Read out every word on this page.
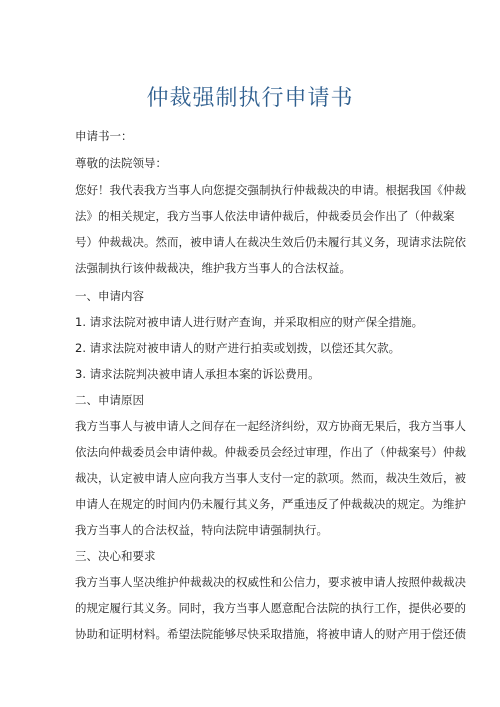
仲裁强制执行申请书
申请书一：
尊敬的法院领导：
您好！我代表我方当事人向您提交强制执行仲裁裁决的申请。根据我国《仲裁
法》的相关规定，我方当事人依法申请仲裁后，仲裁委员会作出了（仲裁案
号）仲裁裁决。然而，被申请人在裁决生效后仍未履行其义务，现请求法院依
法强制执行该仲裁裁决，维护我方当事人的合法权益。
一、申请内容
1. 请求法院对被申请人进行财产查询，并采取相应的财产保全措施。
2. 请求法院对被申请人的财产进行拍卖或划拨，以偿还其欠款。
3. 请求法院判决被申请人承担本案的诉讼费用。
二、申请原因
我方当事人与被申请人之间存在一起经济纠纷，双方协商无果后，我方当事人
依法向仲裁委员会申请仲裁。仲裁委员会经过审理，作出了（仲裁案号）仲裁
裁决，认定被申请人应向我方当事人支付一定的款项。然而，裁决生效后，被
申请人在规定的时间内仍未履行其义务，严重违反了仲裁裁决的规定。为维护
我方当事人的合法权益，特向法院申请强制执行。
三、决心和要求
我方当事人坚决维护仲裁裁决的权威性和公信力，要求被申请人按照仲裁裁决
的规定履行其义务。同时，我方当事人愿意配合法院的执行工作，提供必要的
协助和证明材料。希望法院能够尽快采取措施，将被申请人的财产用于偿还债
